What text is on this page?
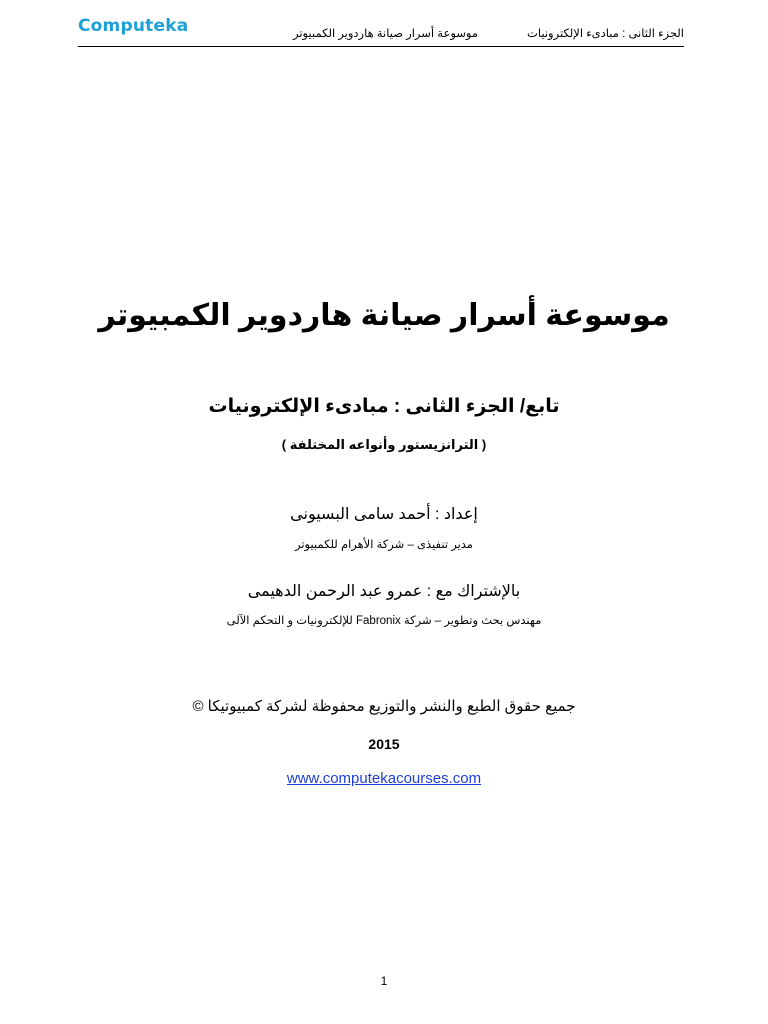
Computeka	موسوعة أسرار صيانة هاردوير الكمبيوتر	الجزء الثانى : مبادىء الإلكترونيات
موسوعة أسرار صيانة هاردوير الكمبيوتر
تابع/ الجزء الثانى : مبادىء الإلكترونيات
( الترانزيستور وأنواعه المختلفة )
إعداد : أحمد سامى البسيونى
مدير تنفيذى – شركة الأهرام للكمبيوتر
بالإشتراك مع : عمرو عبد الرحمن الدهيمى
مهندس بحث وتطوير – شركة Fabronix للإلكترونيات و التحكم الآلى
جميع حقوق الطبع والنشر والتوزيع محفوظة لشركة كمبيوتيكا ©
2015
www.computekacourses.com
1
